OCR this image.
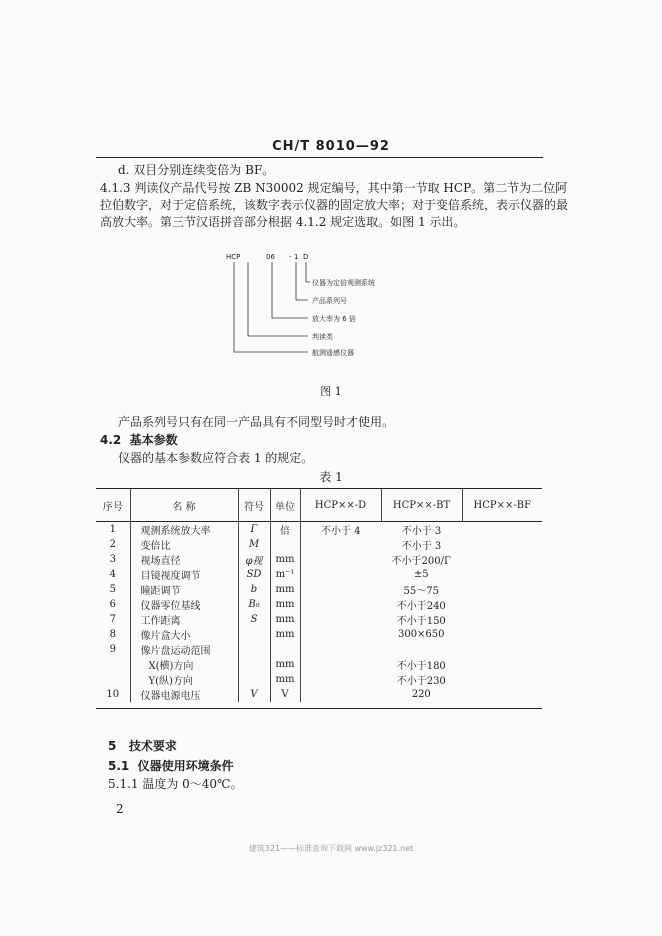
CH/T 8010—92
d. 双目分别连续变倍为 BF。
4.1.3 判读仪产品代号按 ZB N30002 规定编号，其中第一节取 HCP。第二节为二位阿
拉伯数字，对于定倍系统，该数字表示仪器的固定放大率；对于变倍系统，表示仪器的最
高放大率。第三节汉语拼音部分根据 4.1.2 规定选取。如图 1 示出。
HCP	06 - 1 D
仪器为定倍观测系统
产品系列号
放大率为 6 倍
判读类
航测遥感仪器
图 1
产品系列号只有在同一产品具有不同型号时才使用。
4.2 基本参数
仪器的基本参数应符合表 1 的规定。
表 1
序号	名 称	符号	单位	HCP××-D	HCP××-BT	HCP××-BF
1	观测系统放大率	Γ	倍	不小于 4	不小于 3	
2	变倍比	M			不小于 3	
3	视场直径	φ视	mm	不小于200/Γ		
4	目镜视度调节	SD	m⁻¹	±5		
5	瞳距调节	b	mm	55～75		
6	仪器零位基线	B₀	mm	不小于240		
7	工作距离	S	mm	不小于150		
8	像片盒大小		mm	300×650		
9	像片盘运动范围					
	X(横)方向		mm	不小于180		
	Y(纵)方向		mm	不小于230		
10	仪器电源电压	V	V	220		
5 技术要求
5.1 仪器使用环境条件
5.1.1 温度为 0～40℃。
2
建筑321——标准查询下载网 www.jz321.net
